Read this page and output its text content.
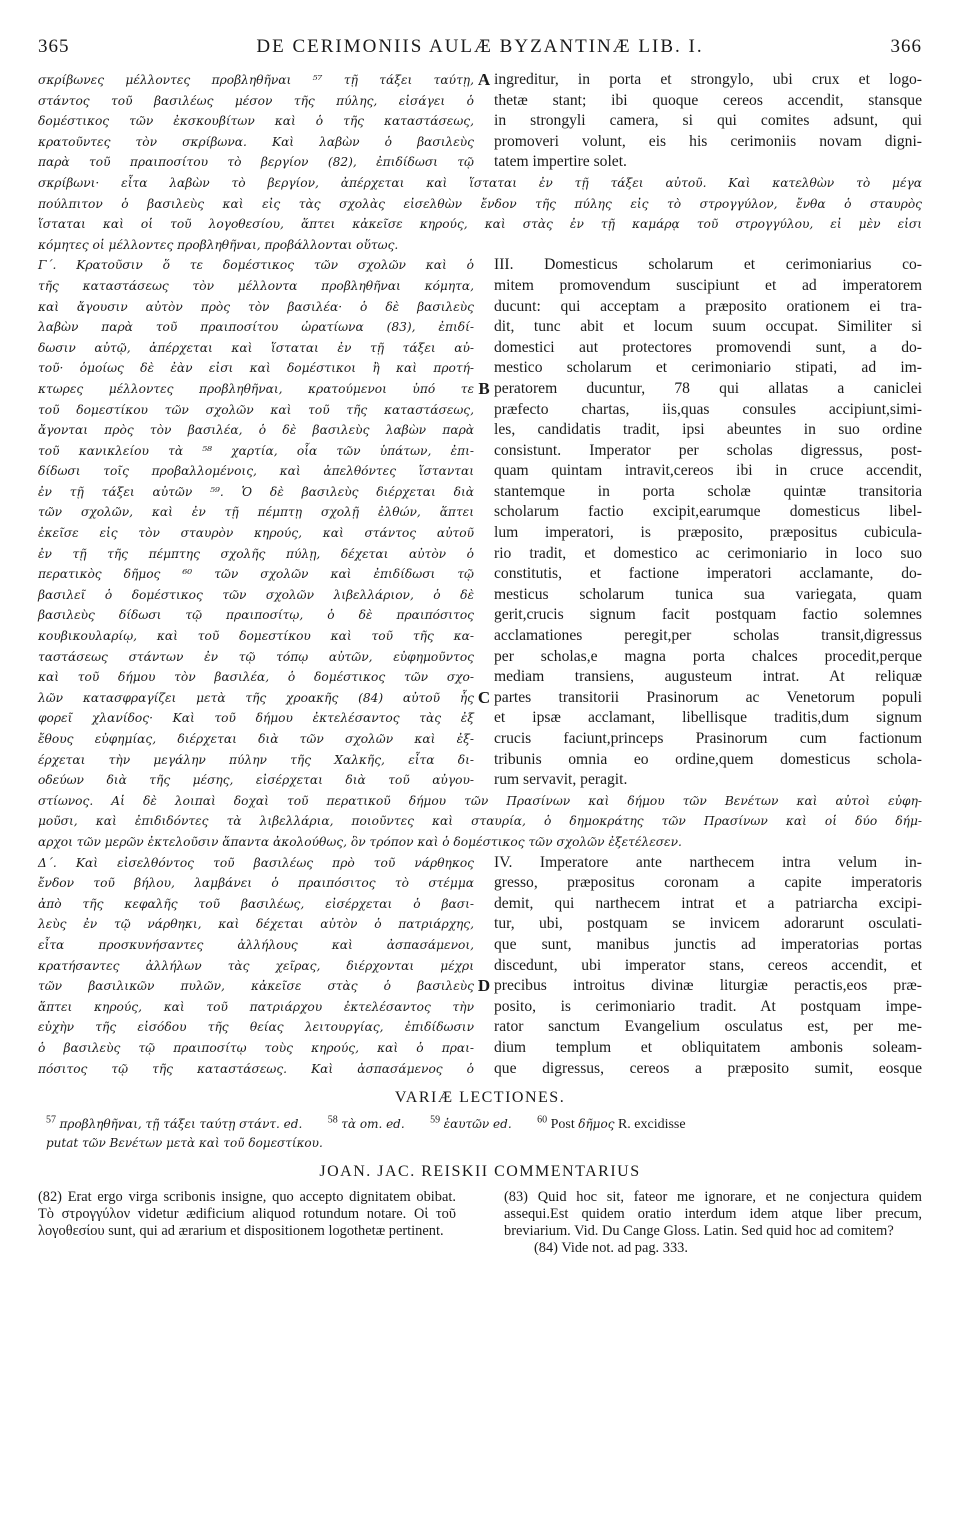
365	DE CERIMONIIS AULÆ BYZANTINÆ LIB. I.	366

σκρίβωνες μέλλοντες προβληθῆναι ⁵⁷ τῇ τάξει ταύτῃ,

στάντος τοῦ βασιλέως μέσον τῆς πύλης, εἰσάγει ὁ

δομέστικος τῶν ἐκσκουβίτων καὶ ὁ τῆς καταστάσεως,

κρατοῦντες τὸν σκρίβωνα. Καὶ λαβὼν ὁ βασιλεὺς

παρὰ τοῦ πραιποσίτου τὸ βεργίον (82), ἐπιδίδωσι τῷ

A ingreditur, in porta et strongylo, ubi crux et logo-

thetæ stant; ibi quoque cereos accendit, stansque

in strongyli camera, si qui comites adsunt, qui

promoveri volunt, eis his cerimoniis novam digni-

tatem impertire solet.

σκρίβωνι· εἶτα λαβὼν τὸ βεργίον, ἀπέρχεται καὶ ἵσταται ἐν τῇ τάξει αὐτοῦ. Καὶ κατελθὼν τὸ μέγα

πούλπιτον ὁ βασιλεὺς καὶ εἰς τὰς σχολὰς εἰσελθὼν ἔνδον τῆς πύλης εἰς τὸ στρογγύλον, ἔνθα ὁ σταυρὸς

ἵσταται καὶ οἱ τοῦ λογοθεσίου, ἅπτει κἀκεῖσε κηρούς, καὶ στὰς ἐν τῇ καμάρᾳ τοῦ στρογγύλου, εἰ μὲν εἰσι

κόμητες οἱ μέλλοντες προβληθῆναι, προβάλλονται οὕτως.

Γ΄. Κρατοῦσιν ὅ τε δομέστικος τῶν σχολῶν καὶ ὁ

τῆς καταστάσεως τὸν μέλλοντα προβληθῆναι κόμητα,

καὶ ἄγουσιν αὐτὸν πρὸς τὸν βασιλέα· ὁ δὲ βασιλεὺς

λαβὼν παρὰ τοῦ πραιποσίτου ὠρατίωνα (83), ἐπιδί-

δωσιν αὐτῷ, ἀπέρχεται καὶ ἵσταται ἐν τῇ τάξει αὐ-

τοῦ· ὁμοίως δὲ ἐὰν εἰσι καὶ δομέστικοι ἢ καὶ προτή-

κτωρες μέλλοντες προβληθῆναι, κρατούμενοι ὑπό τε

τοῦ δομεστίκου τῶν σχολῶν καὶ τοῦ τῆς καταστάσεως,

ἄγονται πρὸς τὸν βασιλέα, ὁ δὲ βασιλεὺς λαβὼν παρὰ

τοῦ κανικλείου τὰ ⁵⁸ χαρτία, οἷα τῶν ὑπάτων, ἐπι-

δίδωσι τοῖς προβαλλομένοις, καὶ ἀπελθόντες ἵστανται

ἐν τῇ τάξει αὐτῶν ⁵⁹. Ὁ δὲ βασιλεὺς διέρχεται διὰ

τῶν σχολῶν, καὶ ἐν τῇ πέμπτῃ σχολῇ ἐλθών, ἅπτει

ἐκεῖσε εἰς τὸν σταυρὸν κηρούς, καὶ στάντος αὐτοῦ

ἐν τῇ τῆς πέμπτης σχολῆς πύλῃ, δέχεται αὐτὸν ὁ

περατικὸς δῆμος ⁶⁰ τῶν σχολῶν καὶ ἐπιδίδωσι τῷ

βασιλεῖ ὁ δομέστικος τῶν σχολῶν λιβελλάριον, ὁ δὲ

βασιλεὺς δίδωσι τῷ πραιποσίτῳ, ὁ δὲ πραιπόσιτος

κουβικουλαρίῳ, καὶ τοῦ δομεστίκου καὶ τοῦ τῆς κα-

ταστάσεως στάντων ἐν τῷ τόπῳ αὐτῶν, εὐφημοῦντος

καὶ τοῦ δήμου τὸν βασιλέα, ὁ δομέστικος τῶν σχο-

λῶν κατασφραγίζει μετὰ τῆς χροακῆς (84) αὐτοῦ ἧς

φορεῖ χλανίδος· Καὶ τοῦ δήμου ἐκτελέσαντος τὰς ἐξ

ἔθους εὐφημίας, διέρχεται διὰ τῶν σχολῶν καὶ ἐξ-

έρχεται τὴν μεγάλην πύλην τῆς Χαλκῆς, εἶτα δι-

οδεύων διὰ τῆς μέσης, εἰσέρχεται διὰ τοῦ αὐγου-

B
C

III. Domesticus scholarum et cerimoniarius co-

mitem promovendum suscipiunt et ad imperatorem

ducunt: qui acceptam a præposito orationem ei tra-

dit, tunc abit et locum suum occupat. Similiter si

domestici aut protectores promovendi sunt, a do-

mestico scholarum et cerimoniario stipati, ad im-

peratorem ducuntur, 78 qui allatas a caniclei

præfecto chartas, iis,quas consules accipiunt,simi-

les, candidatis tradit, ipsi abeuntes in suo ordine

consistunt. Imperator per scholas digressus, post-

quam quintam intravit,cereos ibi in cruce accendit,

stantemque in porta scholæ quintæ transitoria

scholarum factio excipit,earumque domesticus libel-

lum imperatori, is præposito, præpositus cubicula-

rio tradit, et domestico ac cerimoniario in loco suo

constitutis, et factione imperatori acclamante, do-

mesticus scholarum tunica sua variegata, quam

gerit,crucis signum facit postquam factio solemnes

acclamationes peregit,per scholas transit,digressus

per scholas,e magna porta chalces procedit,perque

mediam transiens, augusteum intrat. At reliquæ

partes transitorii Prasinorum ac Venetorum populi

et ipsæ acclamant, libellisque traditis,dum signum

crucis faciunt,princeps Prasinorum cum factionum

tribunis omnia eo ordine,quem domesticus schola-

rum servavit, peragit.

στίωνος. Αἱ δὲ λοιπαὶ δοχαὶ τοῦ περατικοῦ δήμου τῶν Πρασίνων καὶ δήμου τῶν Βενέτων καὶ αὐτοὶ εὐφη-

μοῦσι, καὶ ἐπιδιδόντες τὰ λιβελλάρια, ποιοῦντες καὶ σταυρία, ὁ δημοκράτης τῶν Πρασίνων καὶ οἱ δύο δήμ-

αρχοι τῶν μερῶν ἐκτελοῦσιν ἅπαντα ἀκολούθως, ὃν τρόπον καὶ ὁ δομέστικος τῶν σχολῶν ἐξετέλεσεν.

Δ΄. Καὶ εἰσελθόντος τοῦ βασιλέως πρὸ τοῦ νάρθηκος

ἔνδον τοῦ βήλου, λαμβάνει ὁ πραιπόσιτος τὸ στέμμα

ἀπὸ τῆς κεφαλῆς τοῦ βασιλέως, εἰσέρχεται ὁ βασι-

λεὺς ἐν τῷ νάρθηκι, καὶ δέχεται αὐτὸν ὁ πατριάρχης,

εἶτα προσκυνήσαντες ἀλλήλους καὶ ἀσπασάμενοι,

κρατήσαντες ἀλλήλων τὰς χεῖρας, διέρχονται μέχρι

τῶν βασιλικῶν πυλῶν, κἀκεῖσε στὰς ὁ βασιλεὺς

ἅπτει κηρούς, καὶ τοῦ πατριάρχου ἐκτελέσαντος τὴν

εὐχὴν τῆς εἰσόδου τῆς θείας λειτουργίας, ἐπιδίδωσιν

ὁ βασιλεὺς τῷ πραιποσίτῳ τοὺς κηρούς, καὶ ὁ πραι-

πόσιτος τῷ τῆς καταστάσεως. Καὶ ἀσπασάμενος ὁ

D

IV. Imperatore ante narthecem intra velum in-

gresso, præpositus coronam a capite imperatoris

demit, qui narthecem intrat et a patriarcha excipi-

tur, ubi, postquam se invicem adorarunt osculati-

que sunt, manibus junctis ad imperatorias portas

discedunt, ubi imperator stans, cereos accendit, et

precibus introitus divinæ liturgiæ peractis,eos præ-

posito, is cerimoniario tradit. At postquam impe-

rator sanctum Evangelium osculatus est, per me-

dium templum et obliquitatem ambonis soleam-

que digressus, cereos a præposito sumit, eosque

VARIÆ LECTIONES.
$^{57}$ προβληθῆναι, τῇ τάξει ταύτῃ στάντ. ed.	$^{58}$ τὰ om. ed.	$^{59}$ ἑαυτῶν ed.	$^{60}$ Post δῆμος R. excidisse
putat τῶν Βενέτων μετὰ καὶ τοῦ δομεστίκου.
JOAN. JAC. REISKII COMMENTARIUS

(82) Erat ergo virga scribonis insigne, quo accepto dignitatem obibat. Τὸ στρογγύλον videtur ædificium aliquod rotundum notare. Οἱ τοῦ λογοθεσίου sunt, qui ad ærarium et dispositionem logothetæ pertinent.

(83) Quid hoc sit, fateor me ignorare, et ne conjectura quidem assequi.Est quidem oratio interdum idem atque liber precum, breviarium. Vid. Du Cange Gloss. Latin. Sed quid hoc ad comitem?

(84) Vide not. ad pag. 333.
